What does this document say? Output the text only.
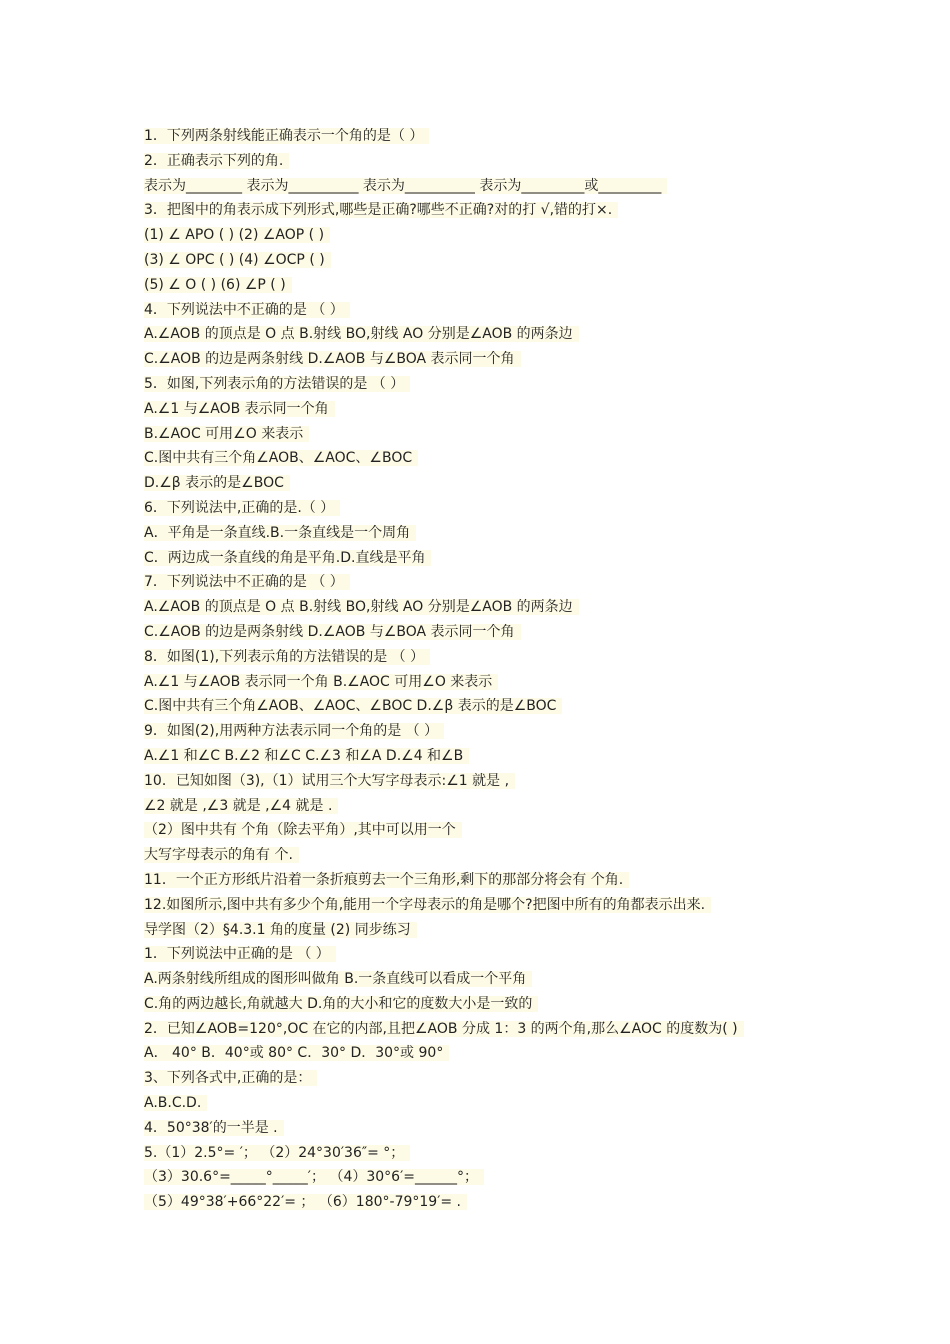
1．下列两条射线能正确表示一个角的是（ ）
2．正确表示下列的角.
表示为________ 表示为__________ 表示为__________ 表示为_________或_________
3．把图中的角表示成下列形式,哪些是正确?哪些不正确?对的打 √,错的打×.
(1) ∠ APO ( ) (2) ∠AOP ( )
(3) ∠ OPC ( ) (4) ∠OCP ( )
(5) ∠ O ( ) (6) ∠P ( )
4．下列说法中不正确的是 （ ）
A.∠AOB 的顶点是 O 点 B.射线 BO,射线 AO 分别是∠AOB 的两条边
C.∠AOB 的边是两条射线 D.∠AOB 与∠BOA 表示同一个角
5．如图,下列表示角的方法错误的是 （ ）
A.∠1 与∠AOB 表示同一个角
B.∠AOC 可用∠O 来表示
C.图中共有三个角∠AOB、∠AOC、∠BOC
D.∠β 表示的是∠BOC
6．下列说法中,正确的是.（ ）
A．平角是一条直线.B.一条直线是一个周角
C．两边成一条直线的角是平角.D.直线是平角
7．下列说法中不正确的是 （ ）
A.∠AOB 的顶点是 O 点 B.射线 BO,射线 AO 分别是∠AOB 的两条边
C.∠AOB 的边是两条射线 D.∠AOB 与∠BOA 表示同一个角
8．如图(1),下列表示角的方法错误的是 （ ）
A.∠1 与∠AOB 表示同一个角 B.∠AOC 可用∠O 来表示
C.图中共有三个角∠AOB、∠AOC、∠BOC D.∠β 表示的是∠BOC
9．如图(2),用两种方法表示同一个角的是 （ ）
A.∠1 和∠C B.∠2 和∠C C.∠3 和∠A D.∠4 和∠B
10．已知如图（3),（1）试用三个大写字母表示:∠1 就是 ,
∠2 就是 ,∠3 就是 ,∠4 就是 .
（2）图中共有 个角（除去平角）,其中可以用一个
大写字母表示的角有 个.
11．一个正方形纸片沿着一条折痕剪去一个三角形,剩下的那部分将会有 个角.
12.如图所示,图中共有多少个角,能用一个字母表示的角是哪个?把图中所有的角都表示出来.
导学图（2）§4.3.1 角的度量 (2) 同步练习
1．下列说法中正确的是 （ ）
A.两条射线所组成的图形叫做角 B.一条直线可以看成一个平角
C.角的两边越长,角就越大 D.角的大小和它的度数大小是一致的
2．已知∠AOB=120°,OC 在它的内部,且把∠AOB 分成 1：3 的两个角,那么∠AOC 的度数为( )
A． 40° B．40°或 80° C．30° D．30°或 90°
3、下列各式中,正确的是：
A.B.C.D.
4．50°38′的一半是 .
5.（1）2.5°= ′； （2）24°30′36″= °；
（3）30.6°=_____°_____′； （4）30°6′=______°；
（5）49°38′+66°22′= ； （6）180°-79°19′= .
